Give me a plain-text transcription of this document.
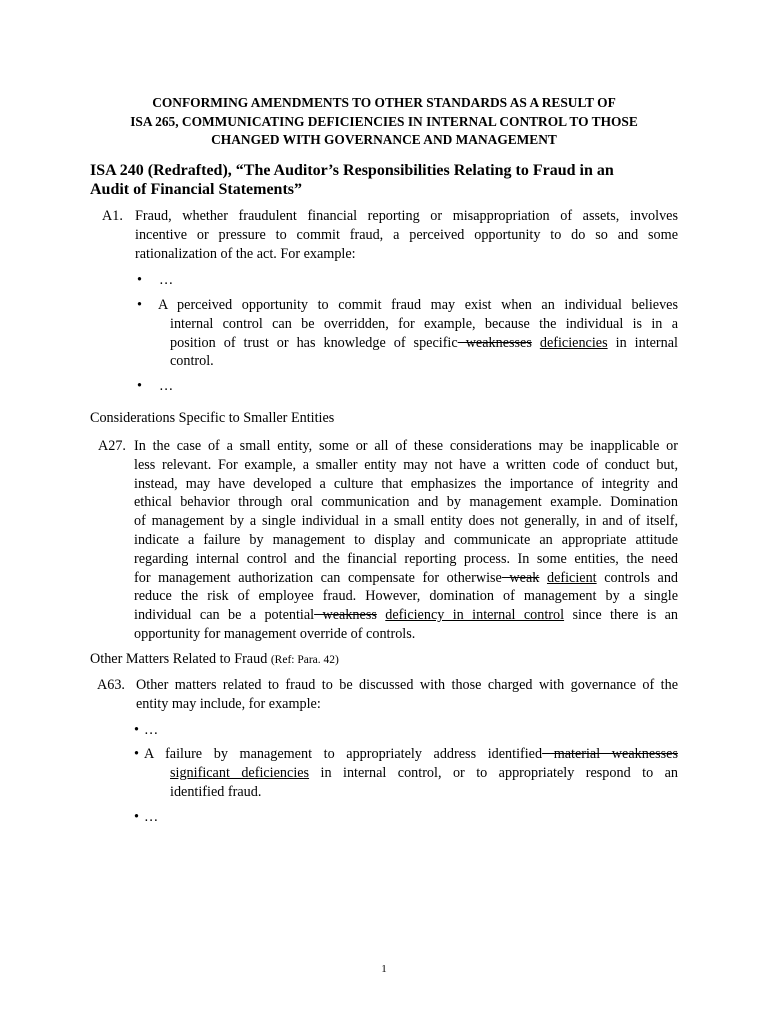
CONFORMING AMENDMENTS TO OTHER STANDARDS AS A RESULT OF
ISA 265, COMMUNICATING DEFICIENCIES IN INTERNAL CONTROL TO THOSE
CHANGED WITH GOVERNANCE AND MANAGEMENT
ISA 240 (Redrafted), “The Auditor’s Responsibilities Relating to Fraud in an
Audit of Financial Statements”
A1. Fraud, whether fraudulent financial reporting or misappropriation of assets, involves
incentive or pressure to commit fraud, a perceived opportunity to do so and some
rationalization of the act. For example:
• …
• A perceived opportunity to commit fraud may exist when an individual believes
internal control can be overridden, for example, because the individual is in a
position of trust or has knowledge of specific weaknesses deficiencies in internal
control.
• …
Considerations Specific to Smaller Entities
A27. In the case of a small entity, some or all of these considerations may be inapplicable or
less relevant. For example, a smaller entity may not have a written code of conduct but,
instead, may have developed a culture that emphasizes the importance of integrity and
ethical behavior through oral communication and by management example. Domination
of management by a single individual in a small entity does not generally, in and of itself,
indicate a failure by management to display and communicate an appropriate attitude
regarding internal control and the financial reporting process. In some entities, the need
for management authorization can compensate for otherwise weak deficient controls and
reduce the risk of employee fraud. However, domination of management by a single
individual can be a potential weakness deficiency in internal control since there is an
opportunity for management override of controls.
Other Matters Related to Fraud (Ref: Para. 42)
A63. Other matters related to fraud to be discussed with those charged with governance of the
entity may include, for example:
• …
• A failure by management to appropriately address identified material weaknesses
significant deficiencies in internal control, or to appropriately respond to an
identified fraud.
• …
1
